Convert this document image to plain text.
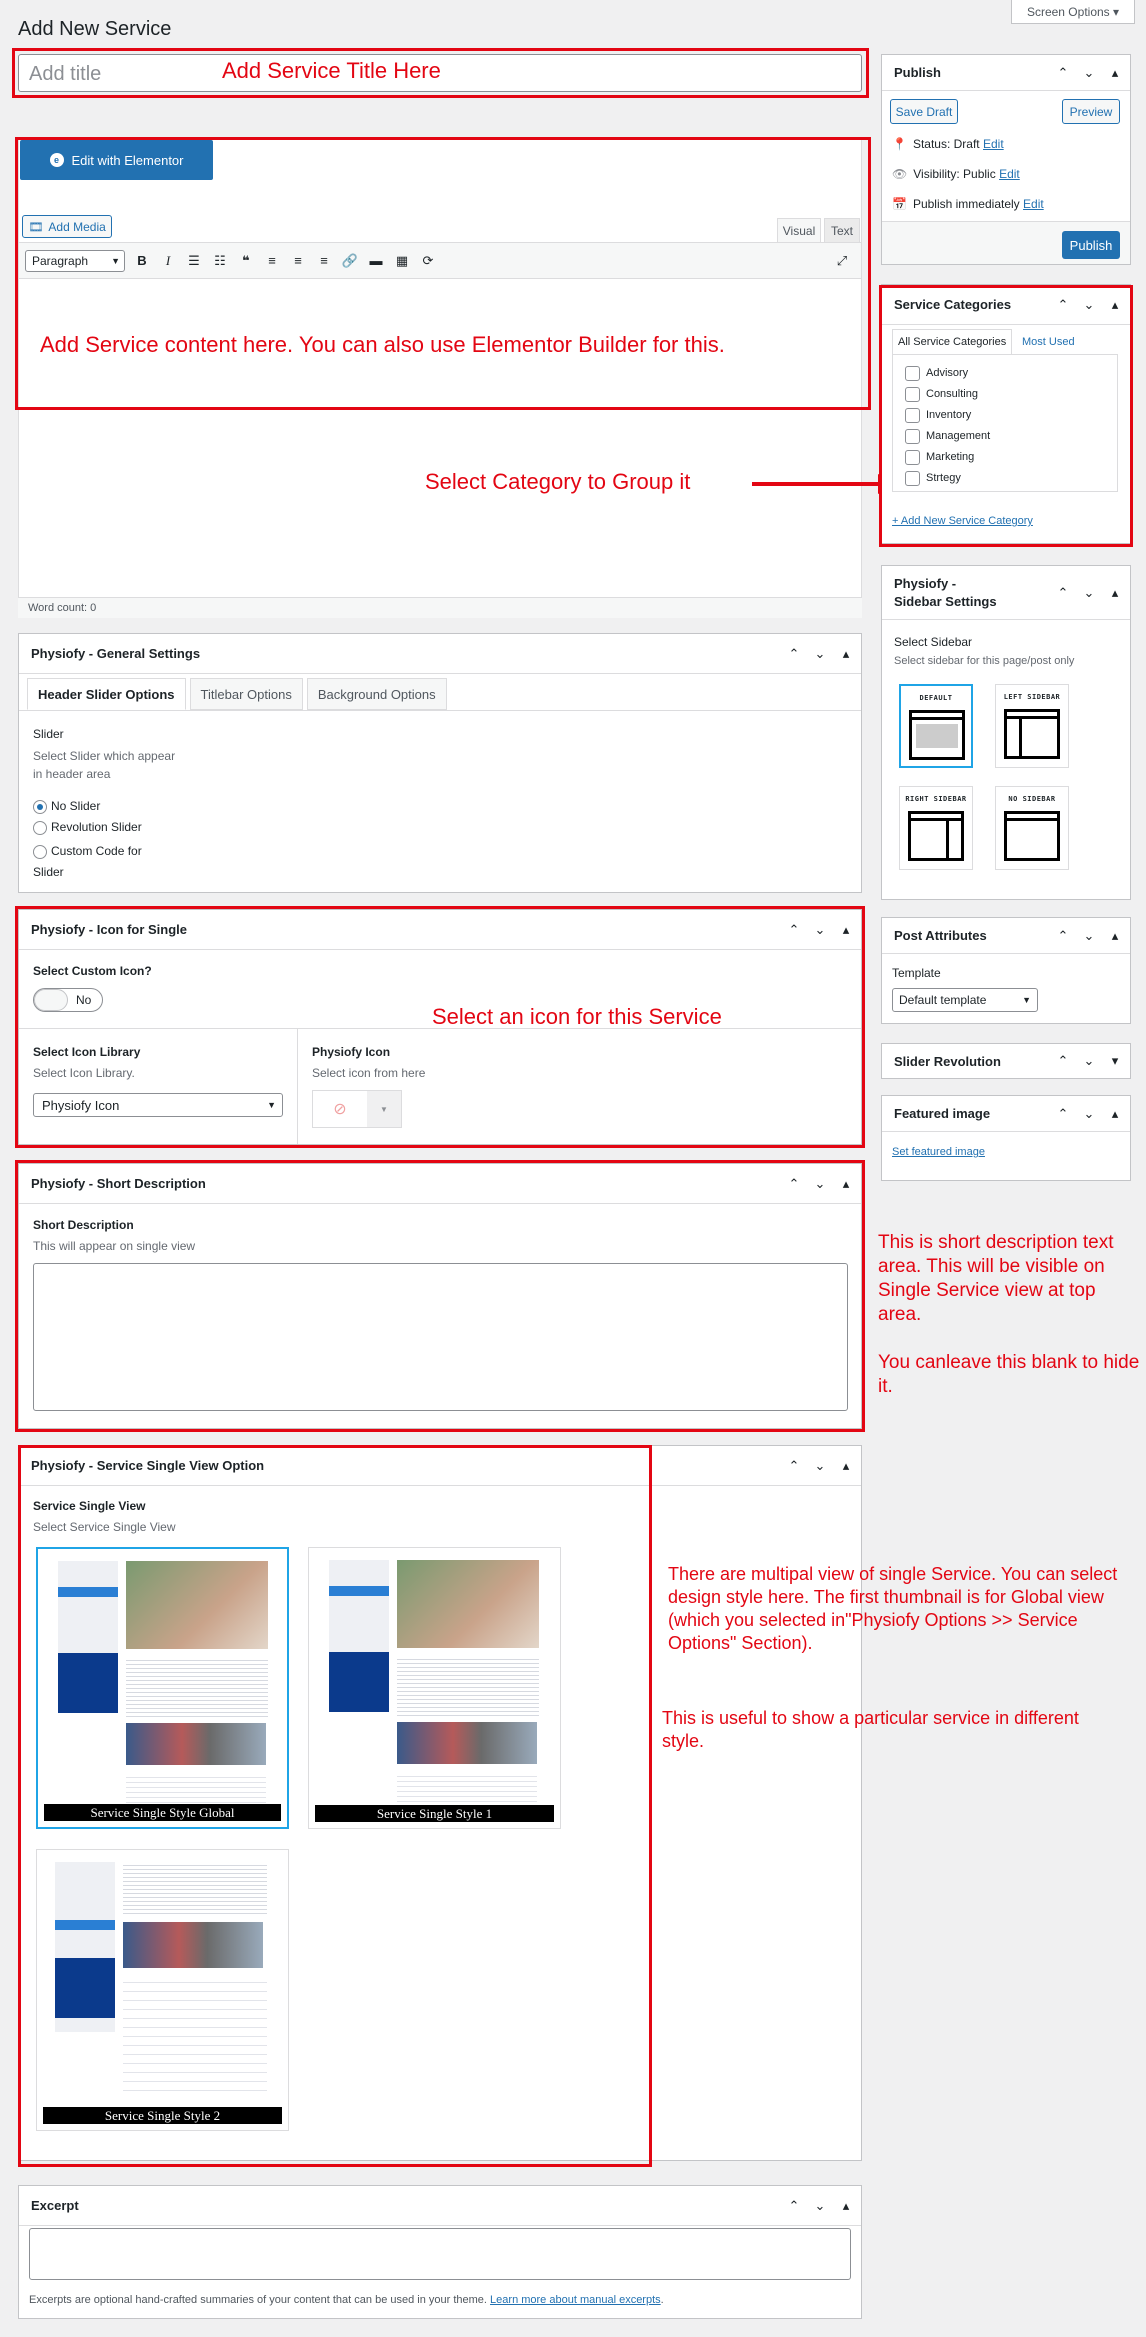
Add New Service
Screen Options ▾
Add title	Add Service Title Here
e Edit with Elementor
🎞 Add Media	Visual	Text
Paragraph	▼	B	I	☰ ☷	❝	≡	≡	≡	🔗 ▬ ▦ ⟳	⤢
Word count: 0
Add Service content here. You can also use Elementor Builder for this.
Select Category to Group it
Physiofy - General Settings	⌃ ⌄ ▴
Header Slider Options	Titlebar Options	Background Options
Slider
Select Slider which appear in header area
No Slider
Revolution Slider
Custom Code for Slider
Physiofy - Icon for Single	⌃ ⌄ ▴
Select Custom Icon?
No
Select Icon Library
Select Icon Library.
Physiofy Icon	▼
Physiofy Icon
Select icon from here
⊘	▼
Select an icon for this Service
Physiofy - Short Description	⌃ ⌄ ▴
Short Description
This will appear on single view	This is short description text area. This will be visible on Single Service view at top area.
You canleave this blank to hide it.
Physiofy - Service Single View Option	⌃ ⌄ ▴
Service Single View
Select Service Single View
Service Single Style Global	Service Single Style 1
Service Single Style 2
There are multipal view of single Service. You can select design style here. The first thumbnail is for Global view (which you selected in"Physiofy Options >> Service Options" Section).
This is useful to show a particular service in different style.
Excerpt	⌃ ⌄ ▴
Excerpts are optional hand-crafted summaries of your content that can be used in your theme. Learn more about manual excerpts.
Publish	⌃ ⌄ ▴
Save Draft	Preview
📍 Status: Draft Edit
👁 Visibility: Public Edit
📅 Publish immediately Edit
Publish
Service Categories	⌃ ⌄ ▴
All Service Categories	Most Used
Advisory
Consulting
Inventory
Management
Marketing
Strtegy
+ Add New Service Category
Physiofy - Sidebar Settings
⌃ ⌄ ▴
Select Sidebar
Select sidebar for this page/post only
DEFAULT	LEFT SIDEBAR
RIGHT SIDEBAR	NO SIDEBAR
Post Attributes	⌃ ⌄ ▴
Template
Default template	▼
Slider Revolution	⌃ ⌄ ▾
Featured image	⌃ ⌄ ▴
Set featured image
